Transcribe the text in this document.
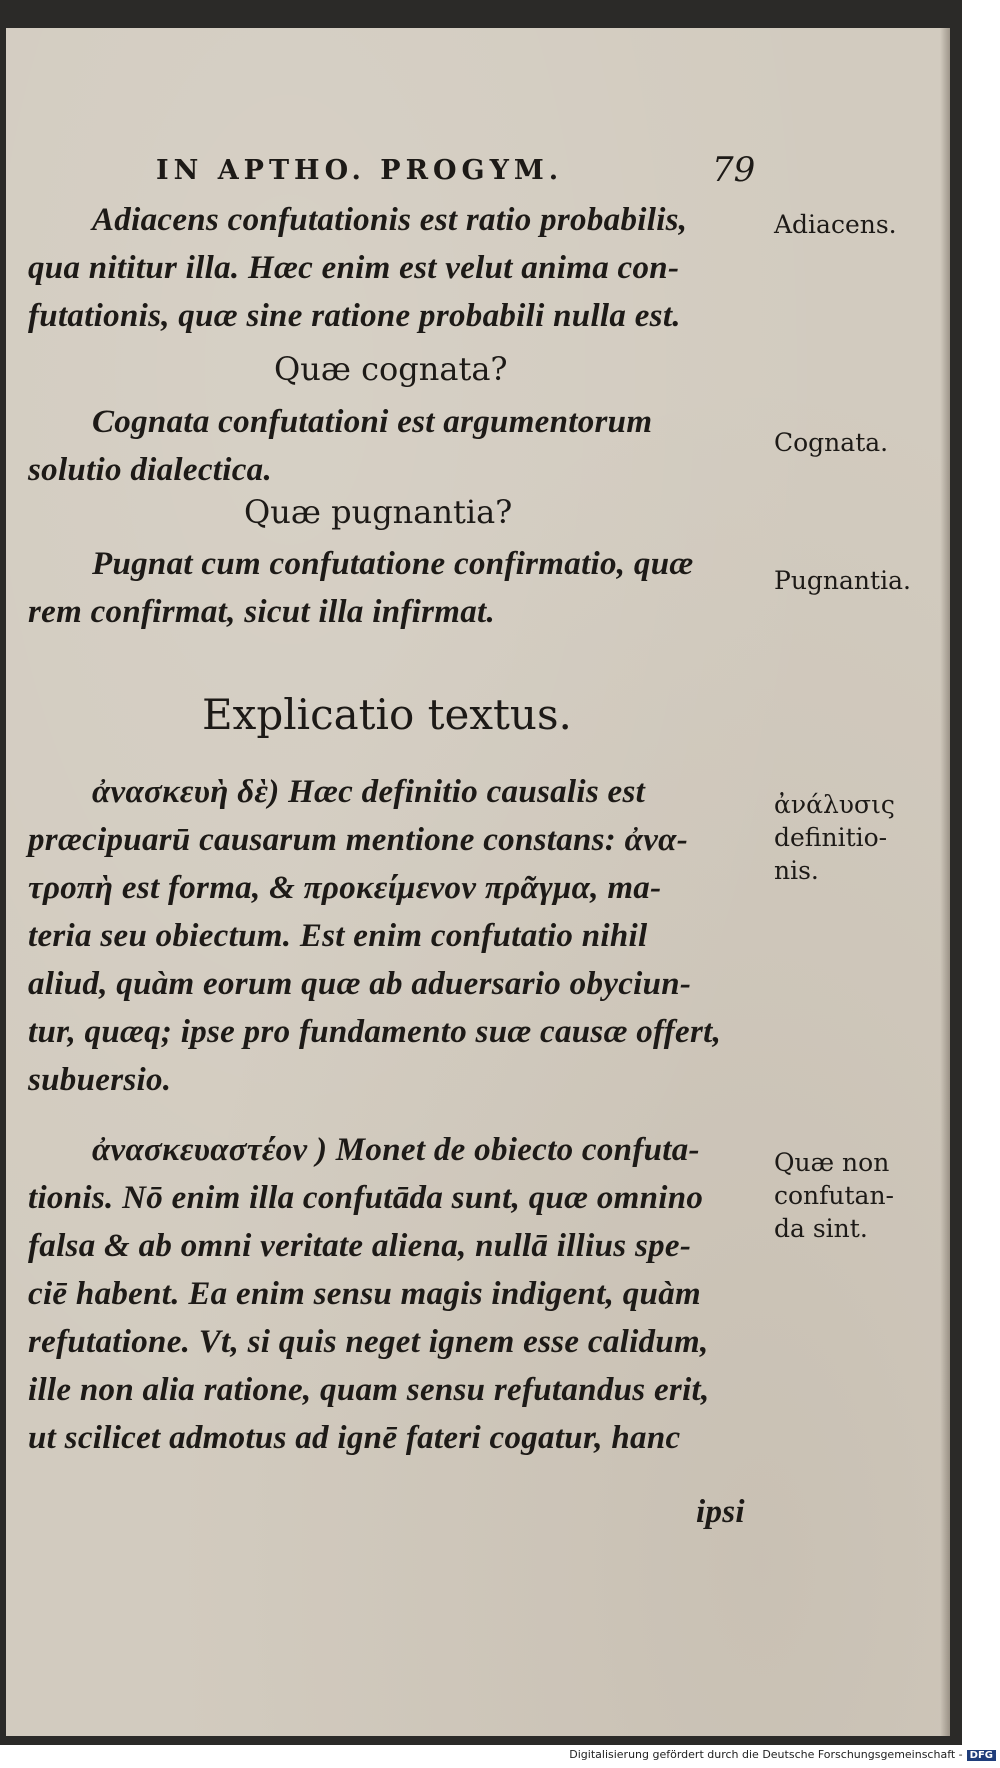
IN APTHO. PROGYM.	79
Adiacens confutationis est ratio probabilis,
qua nititur illa. Hæc enim est velut anima con-
futationis, quæ sine ratione probabili nulla est.
Quæ cognata?
Cognata confutationi est argumentorum
solutio dialectica.
Quæ pugnantia?
Pugnat cum confutatione confirmatio, quæ
rem confirmat, sicut illa infirmat.
Explicatio textus.
ἀνασκευὴ δὲ) Hæc definitio causalis est
præcipuarū causarum mentione constans: ἀνα-
τροπὴ est forma, & προκείμενον πρᾶγμα, ma-
teria seu obiectum. Est enim confutatio nihil
aliud, quàm eorum quæ ab aduersario obyciun-
tur, quæq; ipse pro fundamento suæ causæ offert,
subuersio.
ἀνασκευαστέον ) Monet de obiecto confuta-
tionis. Nō enim illa confutāda sunt, quæ omnino
falsa & ab omni veritate aliena, nullā illius spe-
ciē habent. Ea enim sensu magis indigent, quàm
refutatione. Vt, si quis neget ignem esse calidum,
ille non alia ratione, quam sensu refutandus erit,
ut scilicet admotus ad ignē fateri cogatur, hanc
ipsi
Adiacens.
Cognata.
Pugnantia.
ἀνάλυσις
definitio-
nis.
Quæ non
confutan-
da sint.
Digitalisierung gefördert durch die Deutsche Forschungsgemeinschaft - DFG
